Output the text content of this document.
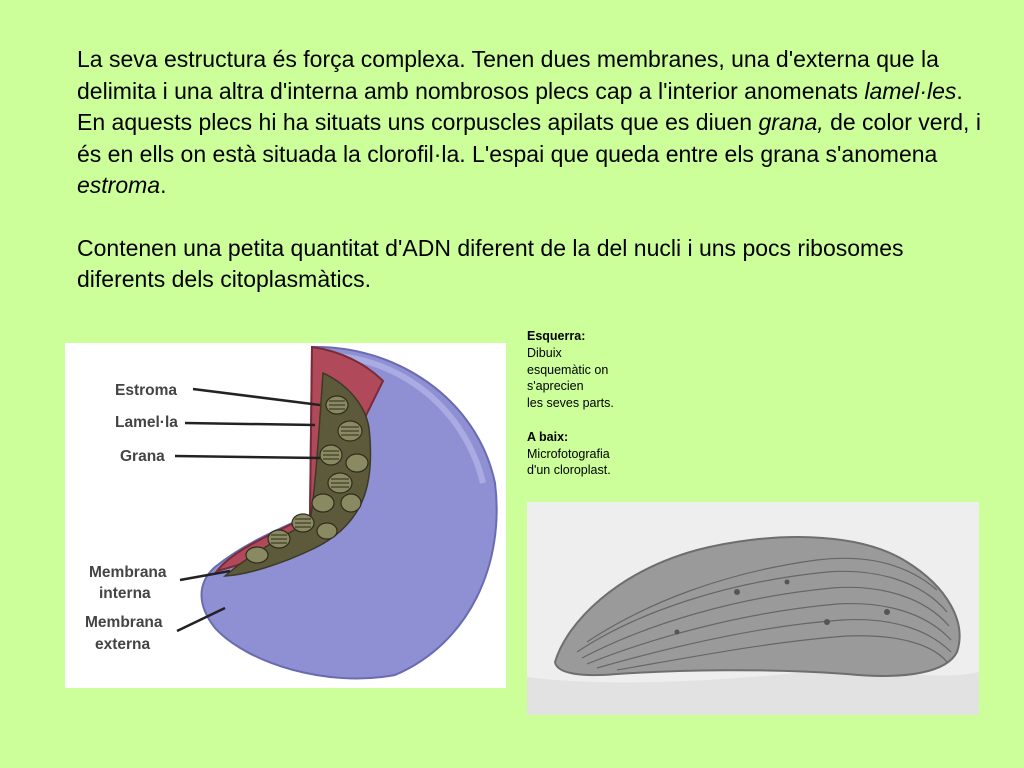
La seva estructura és força complexa. Tenen dues membranes, una d'externa que la delimita i una altra d'interna amb nombrosos plecs cap a l'interior anomenats lamel·les. En aquests plecs hi ha situats uns corpuscles apilats que es diuen grana, de color verd, i és en ells on està situada la clorofil·la. L'espai que queda entre els grana s'anomena estroma.

Contenen una petita quantitat d'ADN diferent de la del nucli i uns pocs ribosomes diferents dels citoplasmàtics.

Estroma
Lamel·la
Grana
Membrana
interna
Membrana
externa
Esquerra:
Dibuix
esquemàtic on
s'aprecien
les seves parts.
A baix:
Microfotografia
d'un cloroplast.
